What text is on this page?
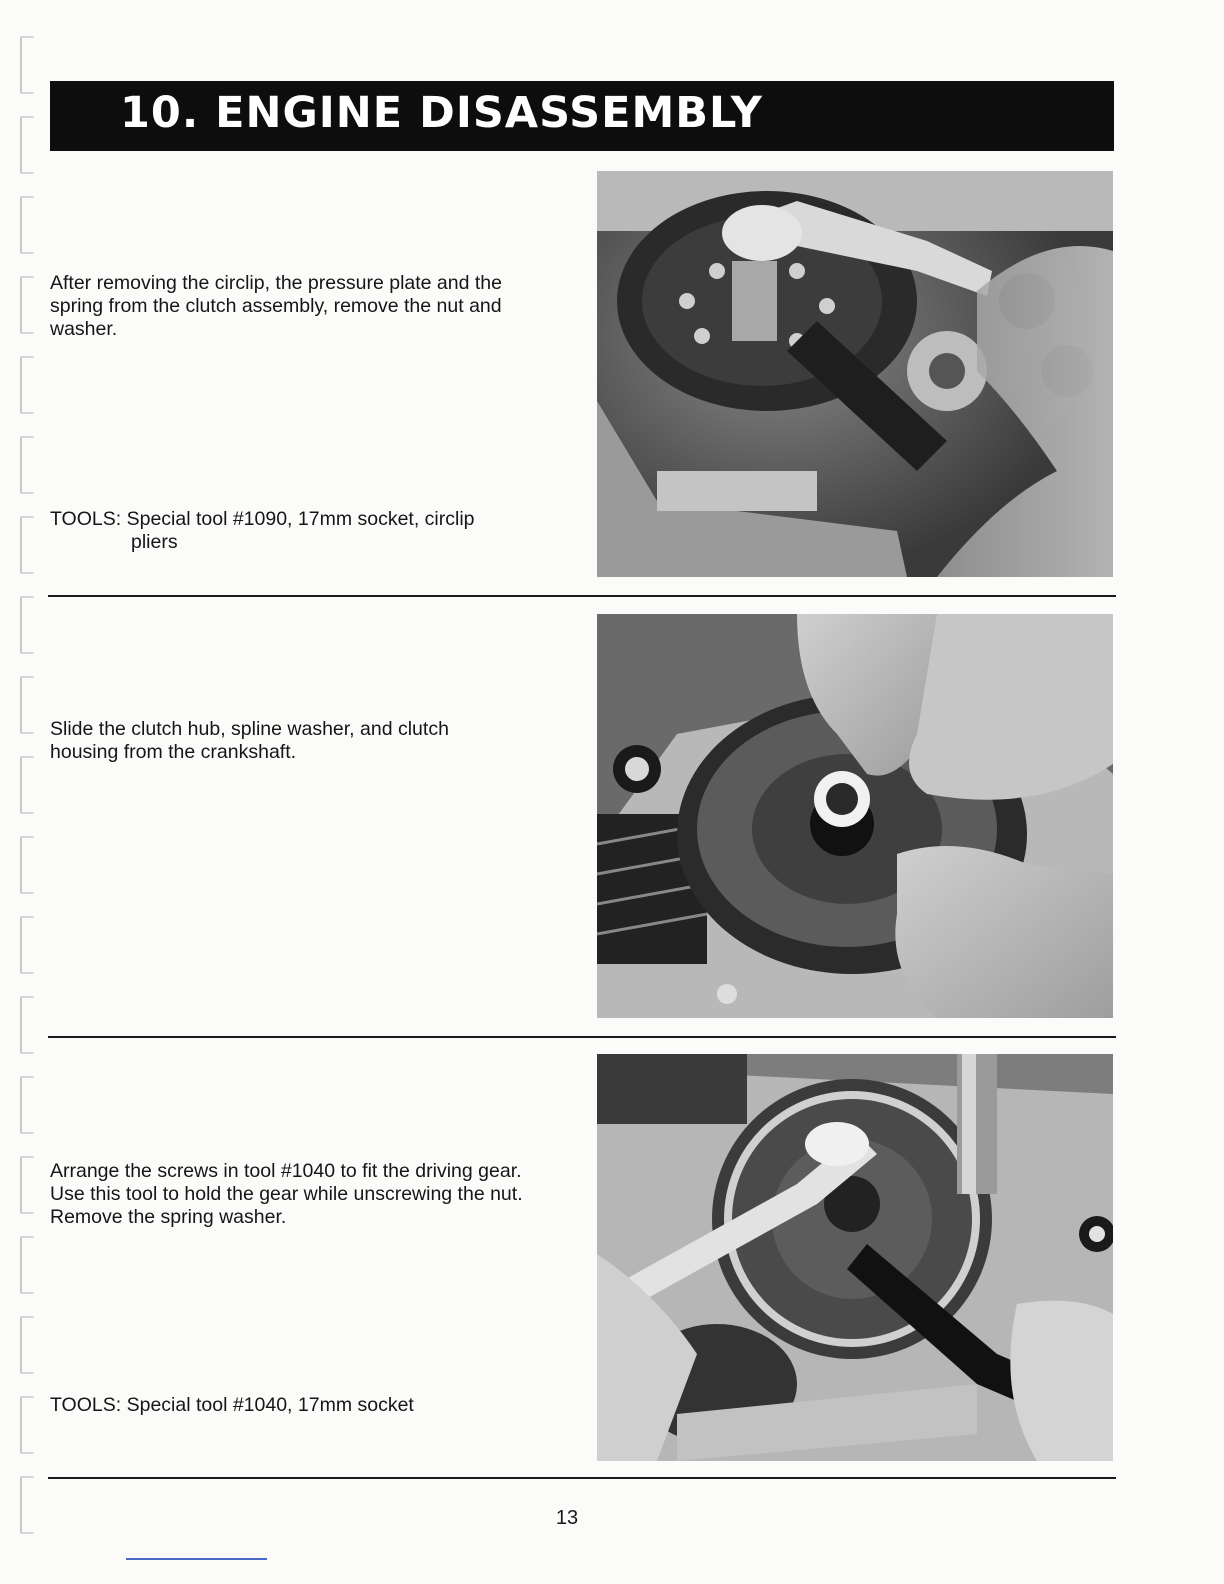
10. ENGINE DISASSEMBLY
After removing the circlip, the pressure plate and the spring from the clutch assembly, remove the nut and washer.
TOOLS: Special tool #1090, 17mm socket, circlip
pliers
Slide the clutch hub, spline washer, and clutch housing from the crankshaft.
Arrange the screws in tool #1040 to fit the driving gear. Use this tool to hold the gear while unscrewing the nut. Remove the spring washer.
TOOLS: Special tool #1040, 17mm socket
13
